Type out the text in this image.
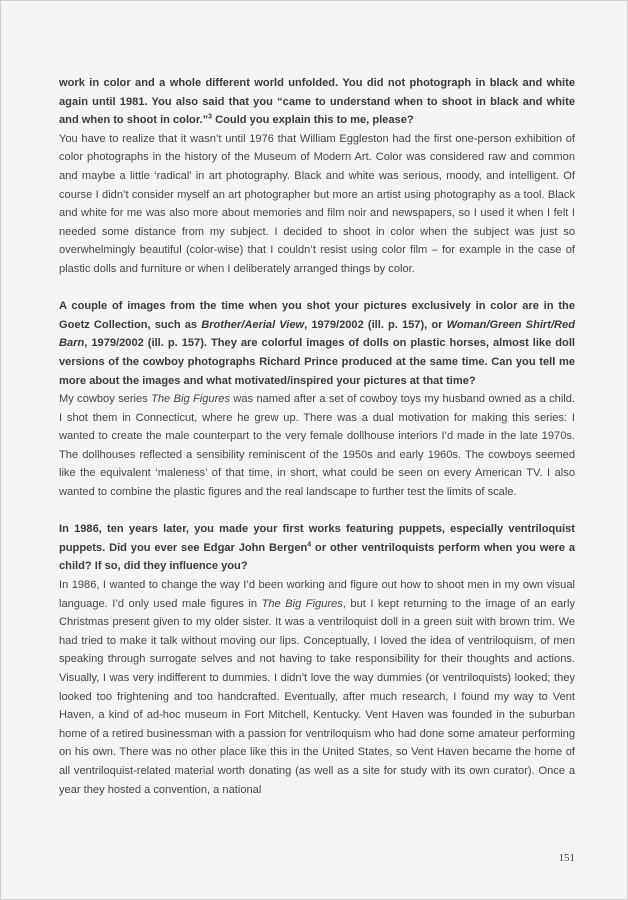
work in color and a whole different world unfolded. You did not photograph in black and white again until 1981. You also said that you “came to understand when to shoot in black and white and when to shoot in color.”$^3$ Could you explain this to me, please?
You have to realize that it wasn’t until 1976 that William Eggleston had the first one-person exhibition of color photographs in the history of the Museum of Modern Art. Color was considered raw and common and maybe a little ‘radical’ in art photography. Black and white was serious, moody, and intelligent. Of course I didn’t consider myself an art photographer but more an artist using photography as a tool. Black and white for me was also more about memories and film noir and newspapers, so I used it when I felt I needed some distance from my subject. I decided to shoot in color when the subject was just so overwhelmingly beautiful (color-wise) that I couldn’t resist using color film – for example in the case of plastic dolls and furniture or when I deliberately arranged things by color.
A couple of images from the time when you shot your pictures exclusively in color are in the Goetz Collection, such as Brother/Aerial View, 1979/2002 (ill. p. 157), or Woman/Green Shirt/Red Barn, 1979/2002 (ill. p. 157). They are colorful images of dolls on plastic horses, almost like doll versions of the cowboy photographs Richard Prince produced at the same time. Can you tell me more about the images and what motivated/inspired your pictures at that time?
My cowboy series The Big Figures was named after a set of cowboy toys my husband owned as a child. I shot them in Connecticut, where he grew up. There was a dual motivation for making this series: I wanted to create the male counterpart to the very female dollhouse interiors I’d made in the late 1970s. The dollhouses reflected a sensibility reminiscent of the 1950s and early 1960s. The cowboys seemed like the equivalent ‘maleness’ of that time, in short, what could be seen on every American TV. I also wanted to combine the plastic figures and the real landscape to further test the limits of scale.
In 1986, ten years later, you made your first works featuring puppets, especially ventriloquist puppets. Did you ever see Edgar John Bergen$^4$ or other ventriloquists perform when you were a child? If so, did they influence you?
In 1986, I wanted to change the way I’d been working and figure out how to shoot men in my own visual language. I’d only used male figures in The Big Figures, but I kept returning to the image of an early Christmas present given to my older sister. It was a ventriloquist doll in a green suit with brown trim. We had tried to make it talk without moving our lips. Conceptually, I loved the idea of ventriloquism, of men speaking through surrogate selves and not having to take responsibility for their thoughts and actions. Visually, I was very indifferent to dummies. I didn’t love the way dummies (or ventriloquists) looked; they looked too frightening and too handcrafted. Eventually, after much research, I found my way to Vent Haven, a kind of ad-hoc museum in Fort Mitchell, Kentucky. Vent Haven was founded in the suburban home of a retired businessman with a passion for ventriloquism who had done some amateur performing on his own. There was no other place like this in the United States, so Vent Haven became the home of all ventriloquist-related material worth donating (as well as a site for study with its own curator). Once a year they hosted a convention, a national
151
